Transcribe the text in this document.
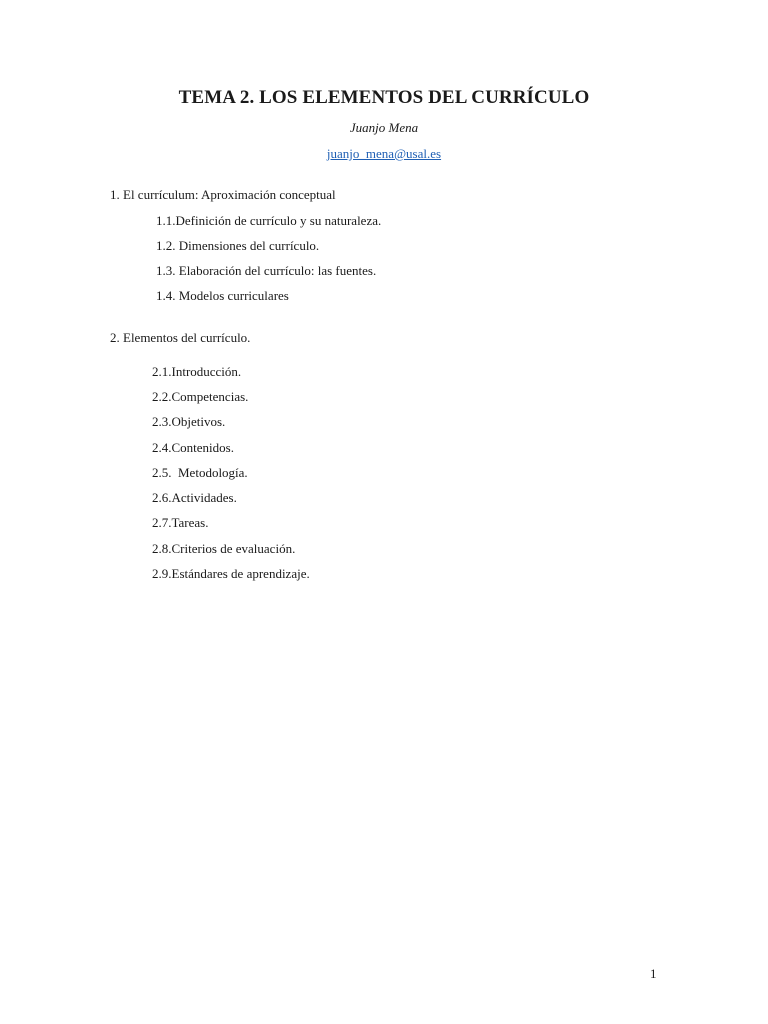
TEMA 2. LOS ELEMENTOS DEL CURRÍCULO
Juanjo Mena
juanjo_mena@usal.es
1. El currículum: Aproximación conceptual
1.1.Definición de currículo y su naturaleza.
1.2. Dimensiones del currículo.
1.3. Elaboración del currículo: las fuentes.
1.4. Modelos curriculares
2. Elementos del currículo.
2.1.Introducción.
2.2.Competencias.
2.3.Objetivos.
2.4.Contenidos.
2.5.  Metodología.
2.6.Actividades.
2.7.Tareas.
2.8.Criterios de evaluación.
2.9.Estándares de aprendizaje.
1
